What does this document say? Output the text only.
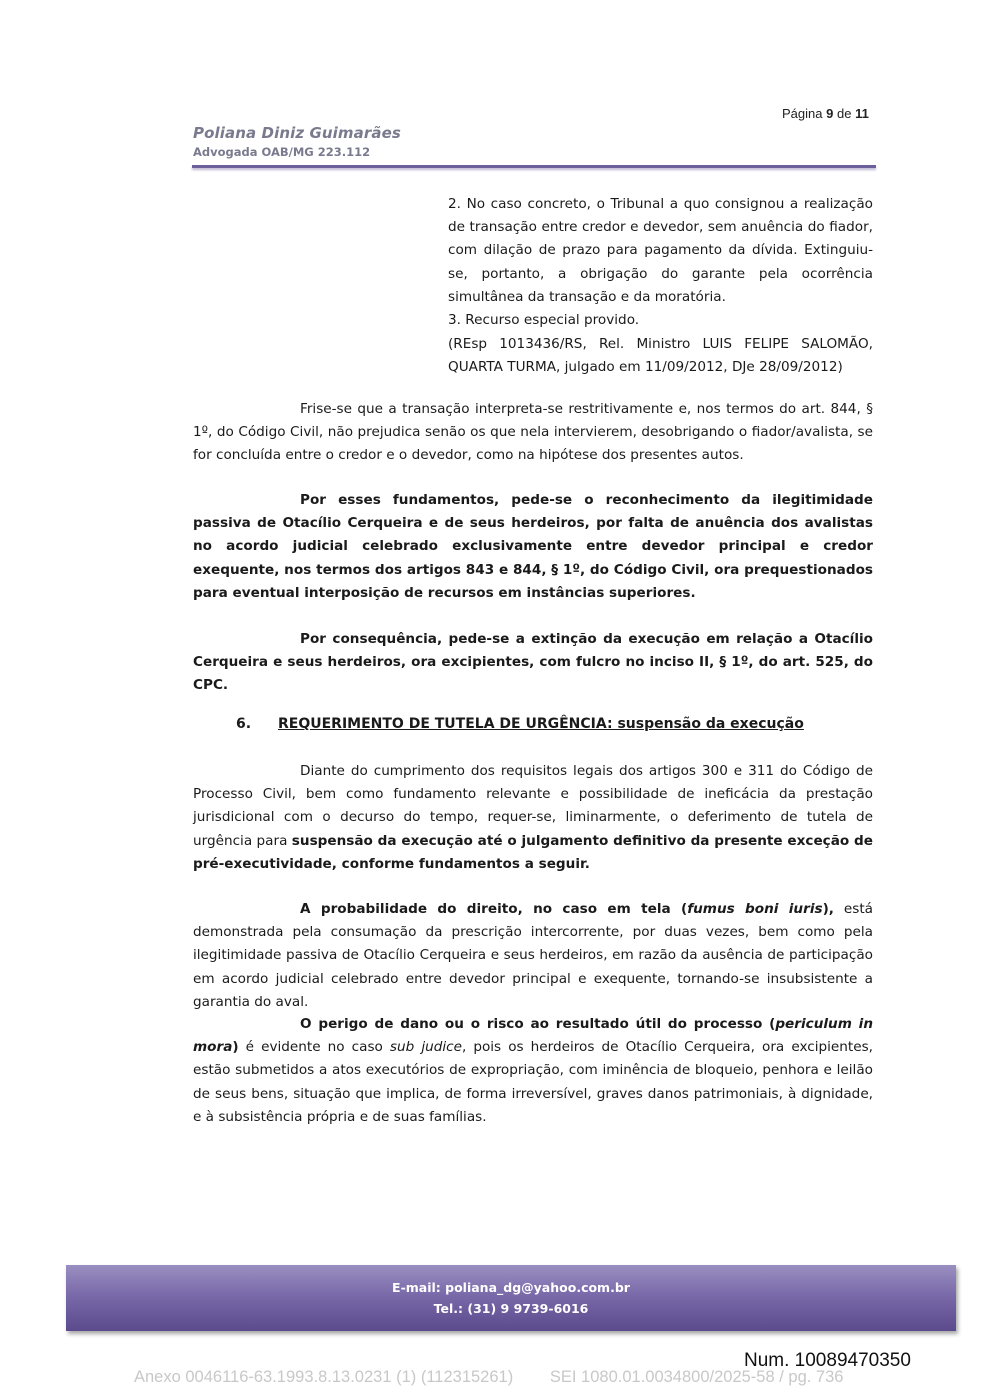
Página 9 de 11
Poliana Diniz Guimarães
Advogada OAB/MG 223.112

2. No caso concreto, o Tribunal a quo consignou a realização de transação entre credor e devedor, sem anuência do fiador, com dilação de prazo para pagamento da dívida. Extinguiu-se, portanto, a obrigação do garante pela ocorrência simultânea da transação e da moratória.

3. Recurso especial provido.

(REsp 1013436/RS, Rel. Ministro LUIS FELIPE SALOMÃO, QUARTA TURMA, julgado em 11/09/2012, DJe 28/09/2012)

Frise-se que a transação interpreta-se restritivamente e, nos termos do art. 844, § 1º, do Código Civil, não prejudica senão os que nela intervierem, desobrigando o fiador/avalista, se for concluída entre o credor e o devedor, como na hipótese dos presentes autos.
Por esses fundamentos, pede-se o reconhecimento da ilegitimidade passiva de Otacílio Cerqueira e de seus herdeiros, por falta de anuência dos avalistas no acordo judicial celebrado exclusivamente entre devedor principal e credor exequente, nos termos dos artigos 843 e 844, § 1º, do Código Civil, ora prequestionados para eventual interposição de recursos em instâncias superiores.
Por consequência, pede-se a extinção da execução em relação a Otacílio Cerqueira e seus herdeiros, ora excipientes, com fulcro no inciso II, § 1º, do art. 525, do CPC.
6. REQUERIMENTO DE TUTELA DE URGÊNCIA: suspensão da execução
Diante do cumprimento dos requisitos legais dos artigos 300 e 311 do Código de Processo Civil, bem como fundamento relevante e possibilidade de ineficácia da prestação jurisdicional com o decurso do tempo, requer-se, liminarmente, o deferimento de tutela de urgência para suspensão da execução até o julgamento definitivo da presente exceção de pré-executividade, conforme fundamentos a seguir.
A probabilidade do direito, no caso em tela (fumus boni iuris), está demonstrada pela consumação da prescrição intercorrente, por duas vezes, bem como pela ilegitimidade passiva de Otacílio Cerqueira e seus herdeiros, em razão da ausência de participação em acordo judicial celebrado entre devedor principal e exequente, tornando-se insubsistente a garantia do aval.
O perigo de dano ou o risco ao resultado útil do processo (periculum in mora) é evidente no caso sub judice, pois os herdeiros de Otacílio Cerqueira, ora excipientes, estão submetidos a atos executórios de expropriação, com iminência de bloqueio, penhora e leilão de seus bens, situação que implica, de forma irreversível, graves danos patrimoniais, à dignidade, e à subsistência própria e de suas famílias.
E-mail: poliana_dg@yahoo.com.br
Tel.: (31) 9 9739-6016
Num. 10089470350
Anexo 0046116-63.1993.8.13.0231 (1) (112315261)        SEI 1080.01.0034800/2025-58 / pg. 736
